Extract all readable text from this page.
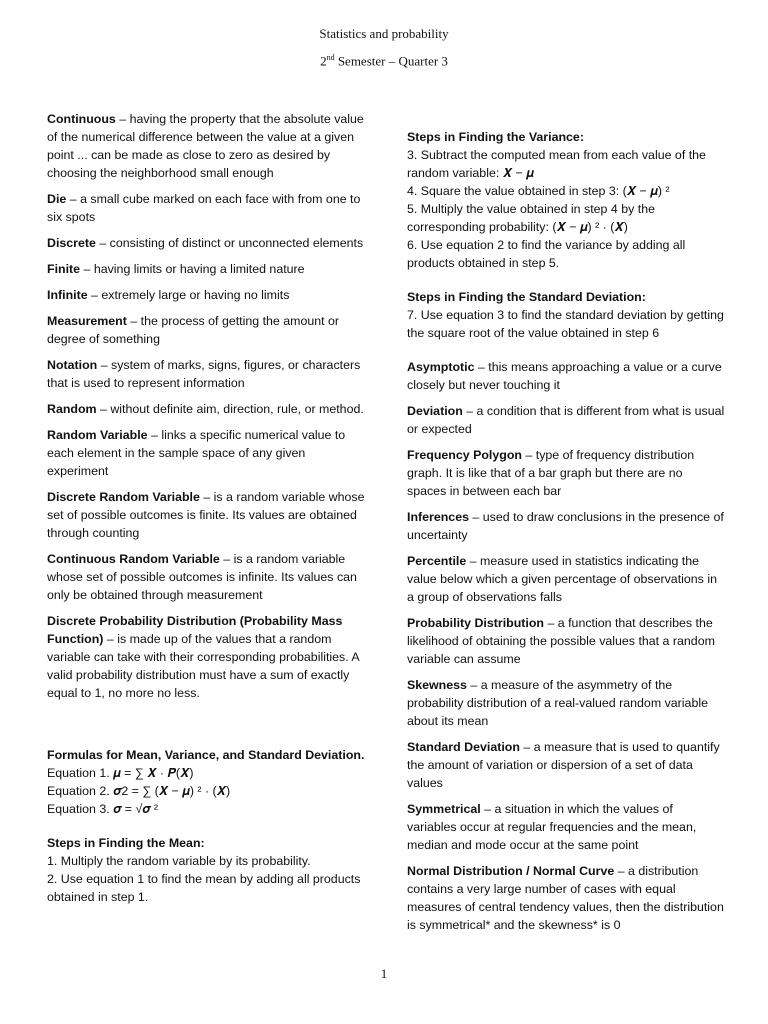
Statistics and probability
2nd Semester – Quarter 3
Continuous – having the property that the absolute value of the numerical difference between the value at a given point ... can be made as close to zero as desired by choosing the neighborhood small enough
Die – a small cube marked on each face with from one to six spots
Discrete – consisting of distinct or unconnected elements
Finite – having limits or having a limited nature
Infinite – extremely large or having no limits
Measurement – the process of getting the amount or degree of something
Notation – system of marks, signs, figures, or characters that is used to represent information
Random – without definite aim, direction, rule, or method.
Random Variable – links a specific numerical value to each element in the sample space of any given experiment
Discrete Random Variable – is a random variable whose set of possible outcomes is finite. Its values are obtained through counting
Continuous Random Variable – is a random variable whose set of possible outcomes is infinite. Its values can only be obtained through measurement
Discrete Probability Distribution (Probability Mass Function) – is made up of the values that a random variable can take with their corresponding probabilities. A valid probability distribution must have a sum of exactly equal to 1, no more no less.
Formulas for Mean, Variance, and Standard Deviation.
Equation 1. 𝝁 = ∑ 𝑿 · 𝑷(𝑿)
Equation 2. 𝝈2 = ∑ (𝑿 − 𝝁) ² · (𝑿)
Equation 3. 𝝈 = √𝝈 ²
Steps in Finding the Mean:
1. Multiply the random variable by its probability.
2. Use equation 1 to find the mean by adding all products obtained in step 1.
Steps in Finding the Variance:
3. Subtract the computed mean from each value of the random variable: 𝑿 − 𝝁
4. Square the value obtained in step 3: (𝑿 − 𝝁) ²
5. Multiply the value obtained in step 4 by the corresponding probability: (𝑿 − 𝝁) ² · (𝑿)
6. Use equation 2 to find the variance by adding all products obtained in step 5.
Steps in Finding the Standard Deviation:
7. Use equation 3 to find the standard deviation by getting the square root of the value obtained in step 6
Asymptotic – this means approaching a value or a curve closely but never touching it
Deviation – a condition that is different from what is usual or expected
Frequency Polygon – type of frequency distribution graph. It is like that of a bar graph but there are no spaces in between each bar
Inferences – used to draw conclusions in the presence of uncertainty
Percentile – measure used in statistics indicating the value below which a given percentage of observations in a group of observations falls
Probability Distribution – a function that describes the likelihood of obtaining the possible values that a random variable can assume
Skewness – a measure of the asymmetry of the probability distribution of a real-valued random variable about its mean
Standard Deviation – a measure that is used to quantify the amount of variation or dispersion of a set of data values
Symmetrical – a situation in which the values of variables occur at regular frequencies and the mean, median and mode occur at the same point
Normal Distribution / Normal Curve – a distribution contains a very large number of cases with equal measures of central tendency values, then the distribution is symmetrical* and the skewness* is 0
1
